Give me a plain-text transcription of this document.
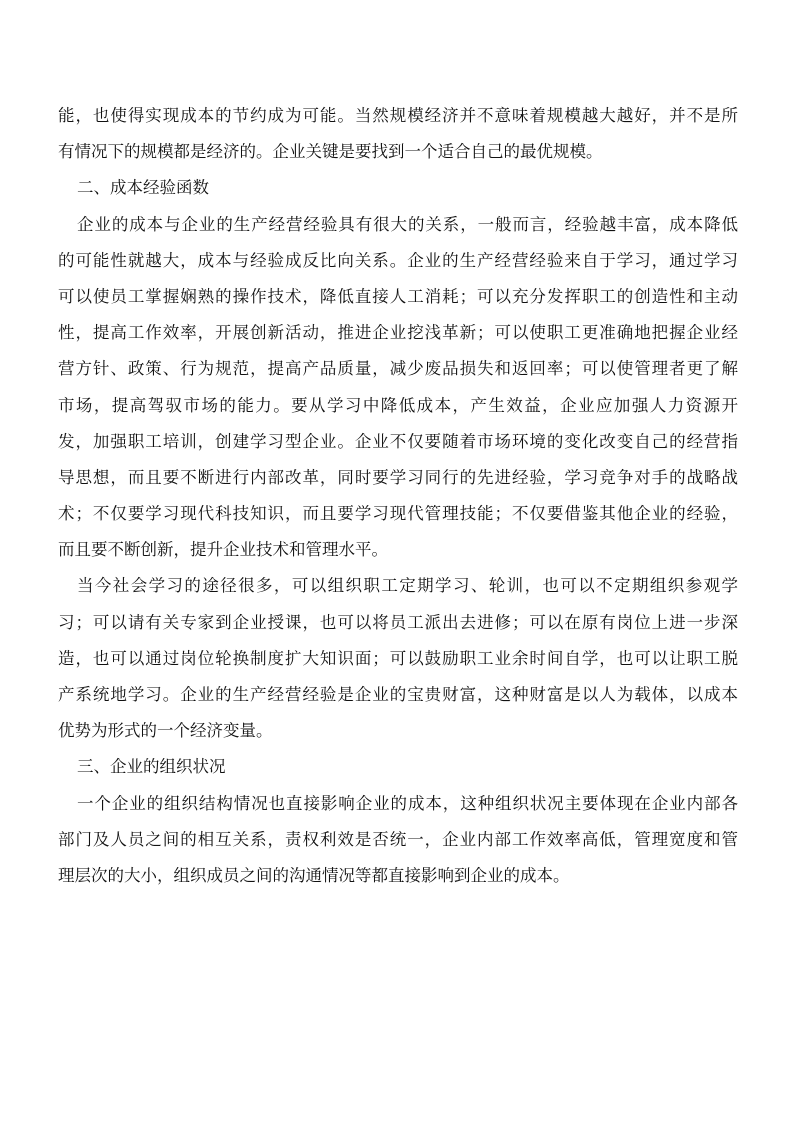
能，也使得实现成本的节约成为可能。当然规模经济并不意味着规模越大越好，并不是所
有情况下的规模都是经济的。企业关键是要找到一个适合自己的最优规模。
二、成本经验函数
企业的成本与企业的生产经营经验具有很大的关系，一般而言，经验越丰富，成本降低
的可能性就越大，成本与经验成反比向关系。企业的生产经营经验来自于学习，通过学习
可以使员工掌握娴熟的操作技术，降低直接人工消耗；可以充分发挥职工的创造性和主动
性，提高工作效率，开展创新活动，推进企业挖浅革新；可以使职工更准确地把握企业经
营方针、政策、行为规范，提高产品质量，减少废品损失和返回率；可以使管理者更了解
市场，提高驾驭市场的能力。要从学习中降低成本，产生效益，企业应加强人力资源开
发，加强职工培训，创建学习型企业。企业不仅要随着市场环境的变化改变自己的经营指
导思想，而且要不断进行内部改革，同时要学习同行的先进经验，学习竞争对手的战略战
术；不仅要学习现代科技知识，而且要学习现代管理技能；不仅要借鉴其他企业的经验，
而且要不断创新，提升企业技术和管理水平。
当今社会学习的途径很多，可以组织职工定期学习、轮训，也可以不定期组织参观学
习；可以请有关专家到企业授课，也可以将员工派出去进修；可以在原有岗位上进一步深
造，也可以通过岗位轮换制度扩大知识面；可以鼓励职工业余时间自学，也可以让职工脱
产系统地学习。企业的生产经营经验是企业的宝贵财富，这种财富是以人为载体，以成本
优势为形式的一个经济变量。
三、企业的组织状况
一个企业的组织结构情况也直接影响企业的成本，这种组织状况主要体现在企业内部各
部门及人员之间的相互关系，责权利效是否统一，企业内部工作效率高低，管理宽度和管
理层次的大小，组织成员之间的沟通情况等都直接影响到企业的成本。
